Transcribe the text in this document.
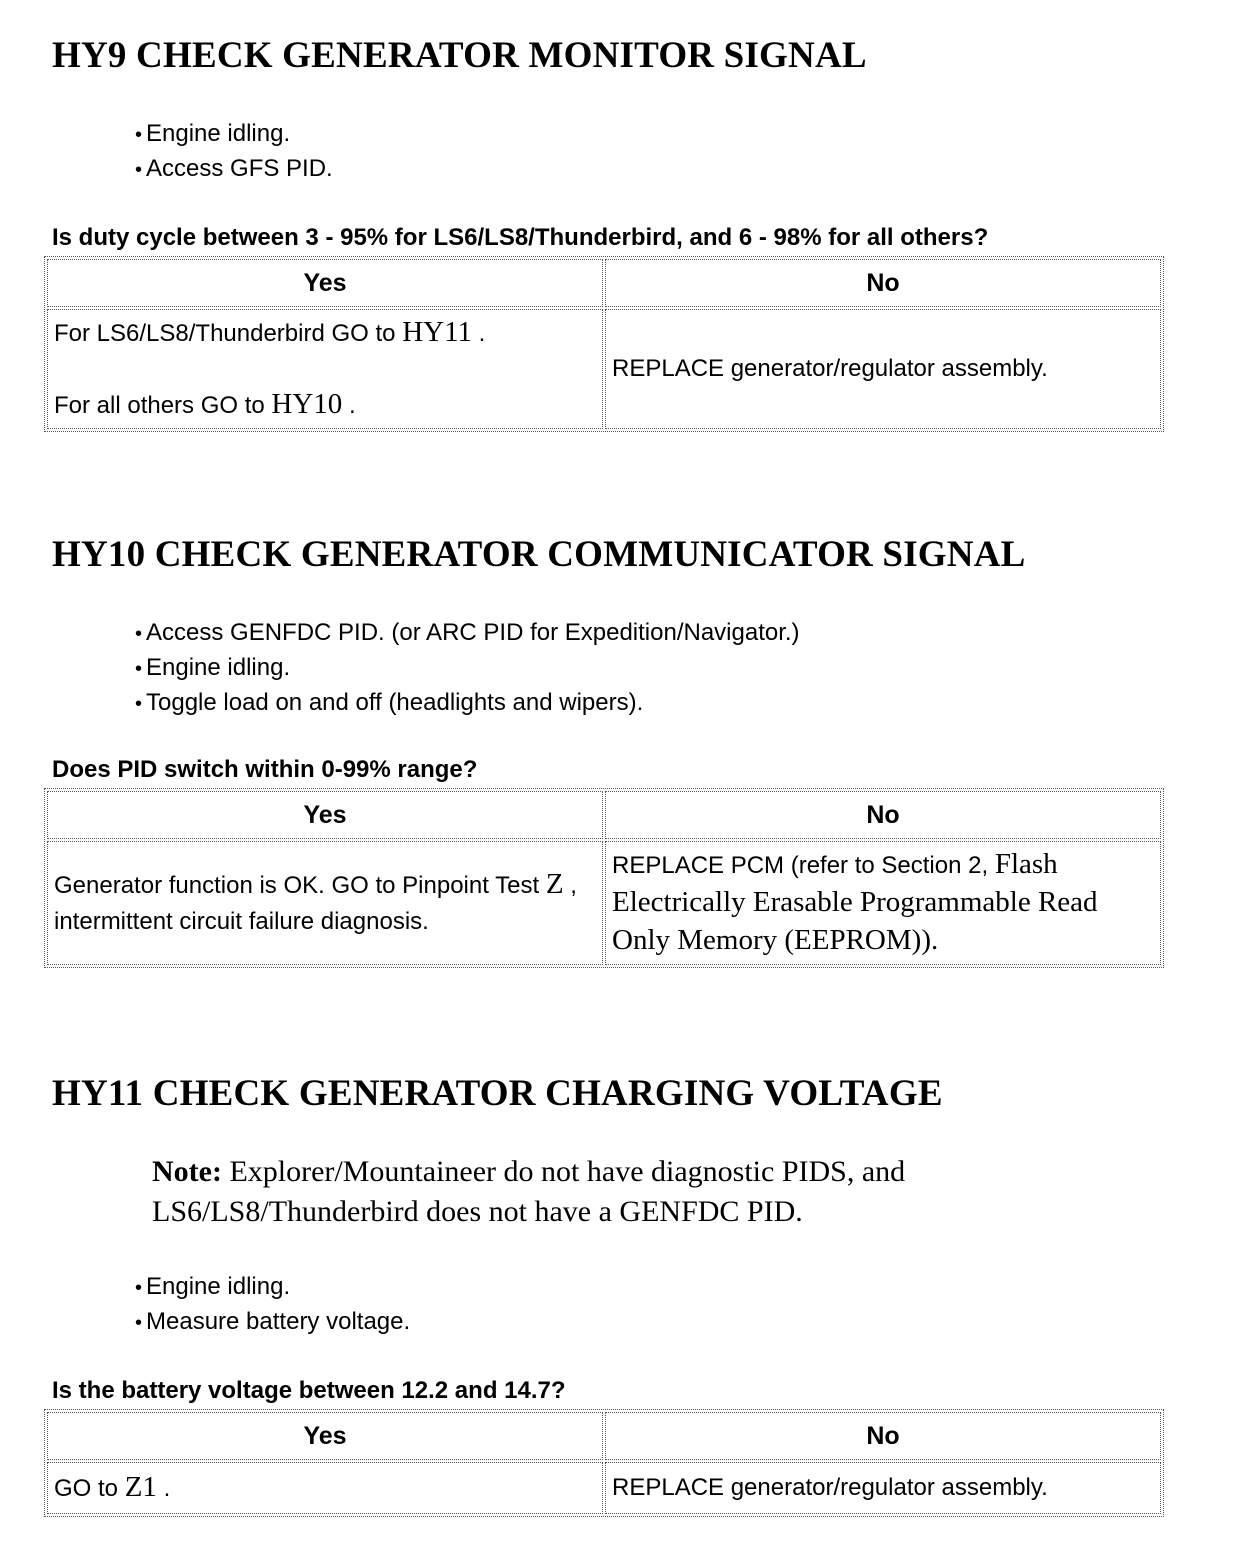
HY9 CHECK GENERATOR MONITOR SIGNAL
• Engine idling.
• Access GFS PID.

Is duty cycle between 3 - 95% for LS6/LS8/Thunderbird, and 6 - 98% for all others?

Yes	No

For LS6/LS8/Thunderbird GO to HY11 .
For all others GO to HY10 .	REPLACE generator/regulator assembly.
HY10 CHECK GENERATOR COMMUNICATOR SIGNAL
• Access GENFDC PID. (or ARC PID for Expedition/Navigator.)
• Engine idling.
• Toggle load on and off (headlights and wipers).

Does PID switch within 0-99% range?

Yes	No
Generator function is OK. GO to Pinpoint Test Z , intermittent circuit failure diagnosis.	REPLACE PCM (refer to Section 2, Flash Electrically Erasable Programmable Read Only Memory (EEPROM)).
HY11 CHECK GENERATOR CHARGING VOLTAGE

Note: Explorer/Mountaineer do not have diagnostic PIDS, and LS6/LS8/Thunderbird does not have a GENFDC PID.

• Engine idling.
• Measure battery voltage.

Is the battery voltage between 12.2 and 14.7?

Yes	No
GO to Z1 .	REPLACE generator/regulator assembly.
